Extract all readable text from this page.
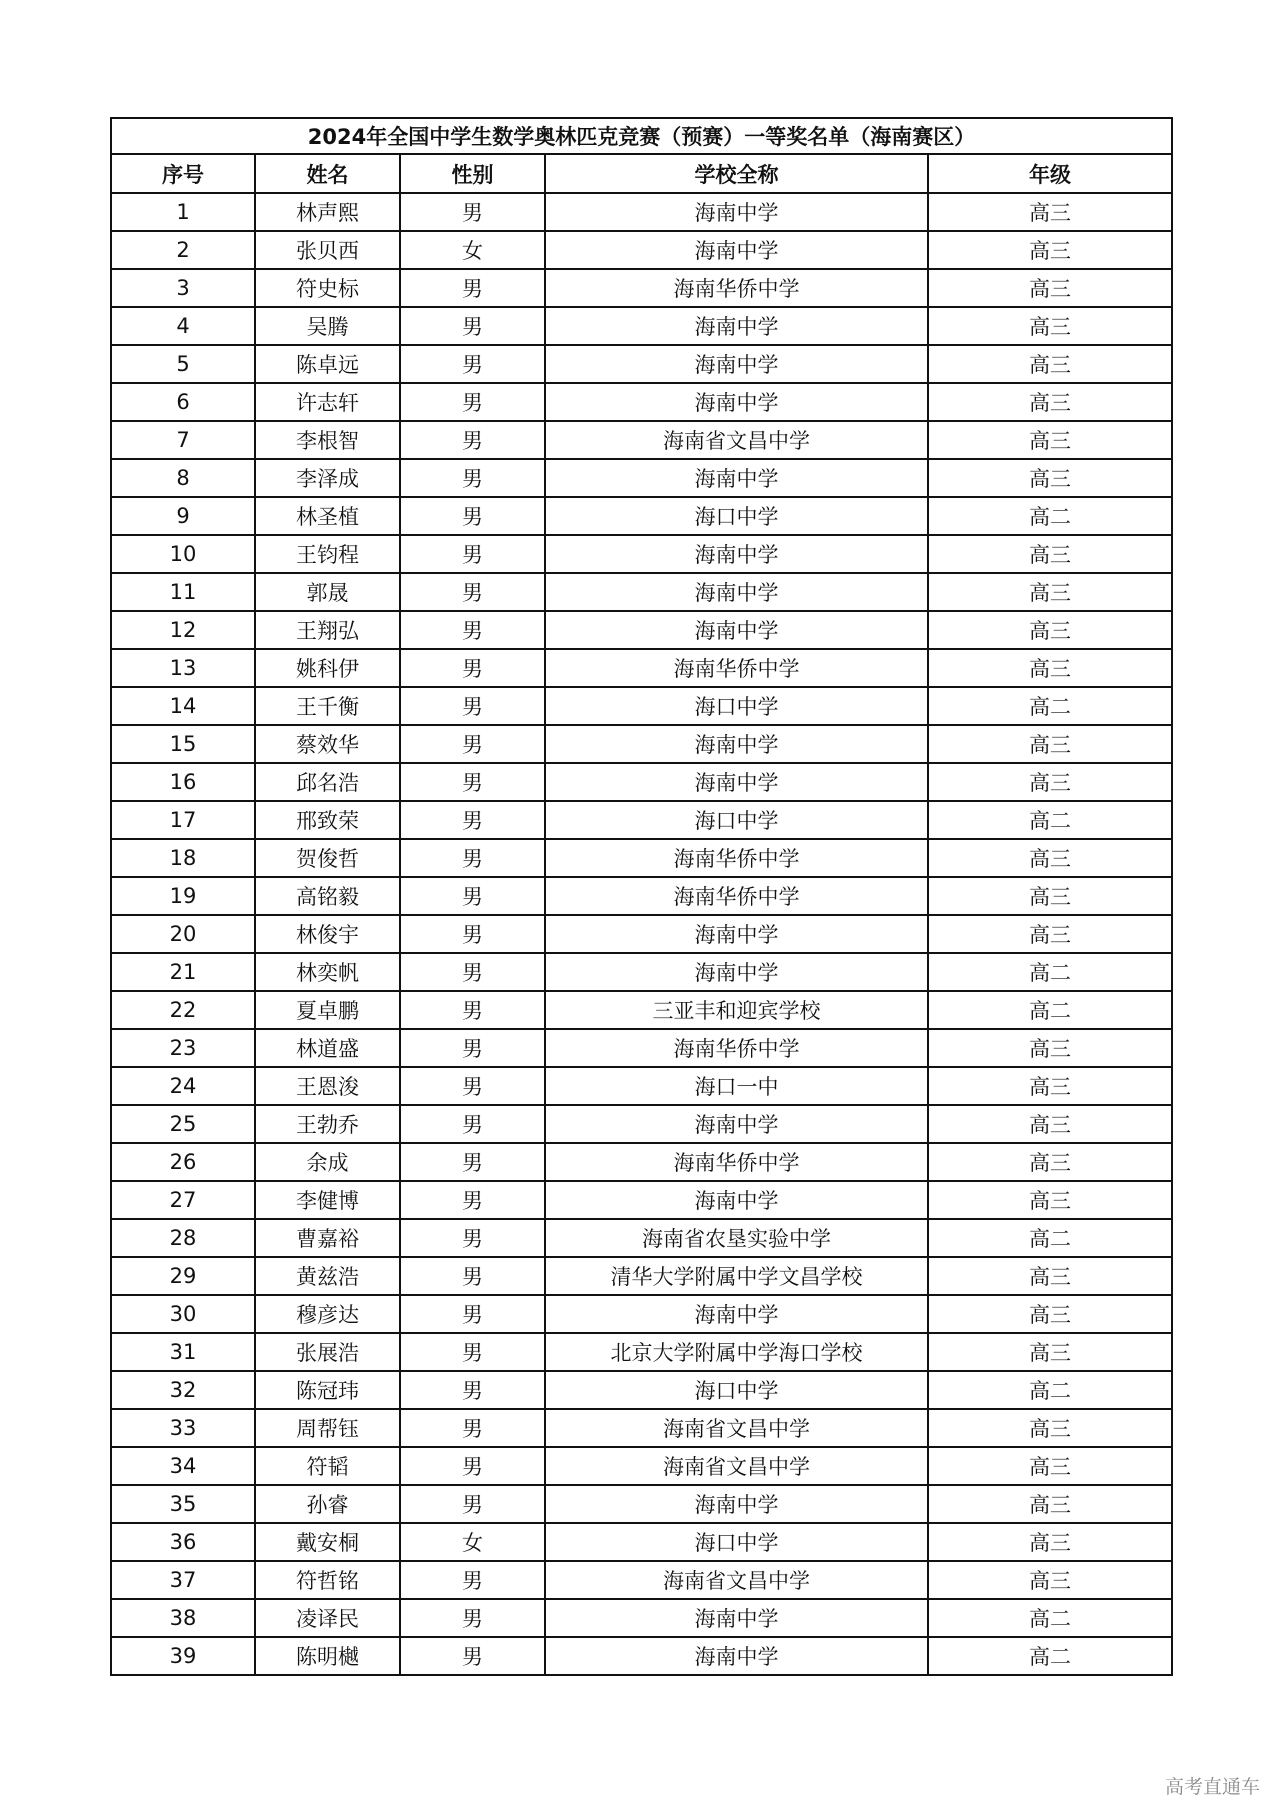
2024年全国中学生数学奥林匹克竞赛（预赛）一等奖名单（海南赛区）				
序号	姓名	性别	学校全称	年级
1	林声熙	男	海南中学	高三
2	张贝西	女	海南中学	高三
3	符史标	男	海南华侨中学	高三
4	吴腾	男	海南中学	高三
5	陈卓远	男	海南中学	高三
6	许志轩	男	海南中学	高三
7	李根智	男	海南省文昌中学	高三
8	李泽成	男	海南中学	高三
9	林圣植	男	海口中学	高二
10	王钧程	男	海南中学	高三
11	郭晟	男	海南中学	高三
12	王翔弘	男	海南中学	高三
13	姚科伊	男	海南华侨中学	高三
14	王千衡	男	海口中学	高二
15	蔡效华	男	海南中学	高三
16	邱名浩	男	海南中学	高三
17	邢致荣	男	海口中学	高二
18	贺俊哲	男	海南华侨中学	高三
19	高铭毅	男	海南华侨中学	高三
20	林俊宇	男	海南中学	高三
21	林奕帆	男	海南中学	高二
22	夏卓鹏	男	三亚丰和迎宾学校	高二
23	林道盛	男	海南华侨中学	高三
24	王恩浚	男	海口一中	高三
25	王勃乔	男	海南中学	高三
26	余成	男	海南华侨中学	高三
27	李健博	男	海南中学	高三
28	曹嘉裕	男	海南省农垦实验中学	高二
29	黄兹浩	男	清华大学附属中学文昌学校	高三
30	穆彦达	男	海南中学	高三
31	张展浩	男	北京大学附属中学海口学校	高三
32	陈冠玮	男	海口中学	高二
33	周帮钰	男	海南省文昌中学	高三
34	符韬	男	海南省文昌中学	高三
35	孙睿	男	海南中学	高三
36	戴安桐	女	海口中学	高三
37	符哲铭	男	海南省文昌中学	高三
38	凌译民	男	海南中学	高二
39	陈明樾	男	海南中学	高二
高考直通车
